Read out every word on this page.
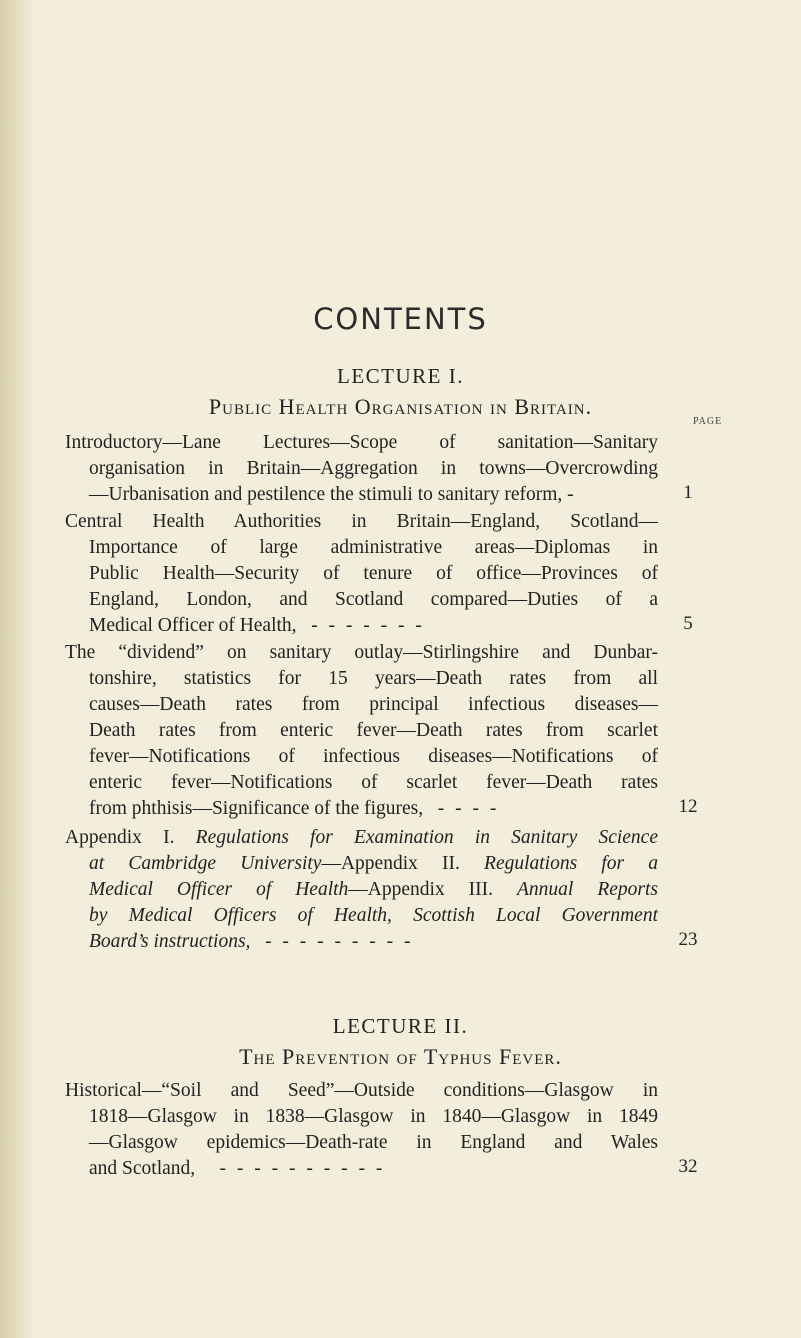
CONTENTS
LECTURE I.
Public Health Organisation in Britain.
PAGE
Introductory—Lane Lectures—Scope of sanitation—Sanitary
organisation in Britain—Aggregation in towns—Overcrowding
—Urbanisation and pestilence the stimuli to sanitary reform, -	1
Central Health Authorities in Britain—England, Scotland—
Importance of large administrative areas—Diplomas in
Public Health—Security of tenure of office—Provinces of
England, London, and Scotland compared—Duties of a
Medical Officer of Health, - - - - - - -	5
The “dividend” on sanitary outlay—Stirlingshire and Dunbar-
tonshire, statistics for 15 years—Death rates from all
causes—Death rates from principal infectious diseases—
Death rates from enteric fever—Death rates from scarlet
fever—Notifications of infectious diseases—Notifications of
enteric fever—Notifications of scarlet fever—Death rates
from phthisis—Significance of the figures, - - - -	12
Appendix I. Regulations for Examination in Sanitary Science
at Cambridge University—Appendix II. Regulations for a
Medical Officer of Health—Appendix III. Annual Reports
by Medical Officers of Health, Scottish Local Government
Board’s instructions, - - - - - - - - -	23
LECTURE II.
The Prevention of Typhus Fever.
Historical—“Soil and Seed”—Outside conditions—Glasgow in
1818—Glasgow in 1838—Glasgow in 1840—Glasgow in 1849
—Glasgow epidemics—Death-rate in England and Wales
and Scotland, - - - - - - - - - -	32
